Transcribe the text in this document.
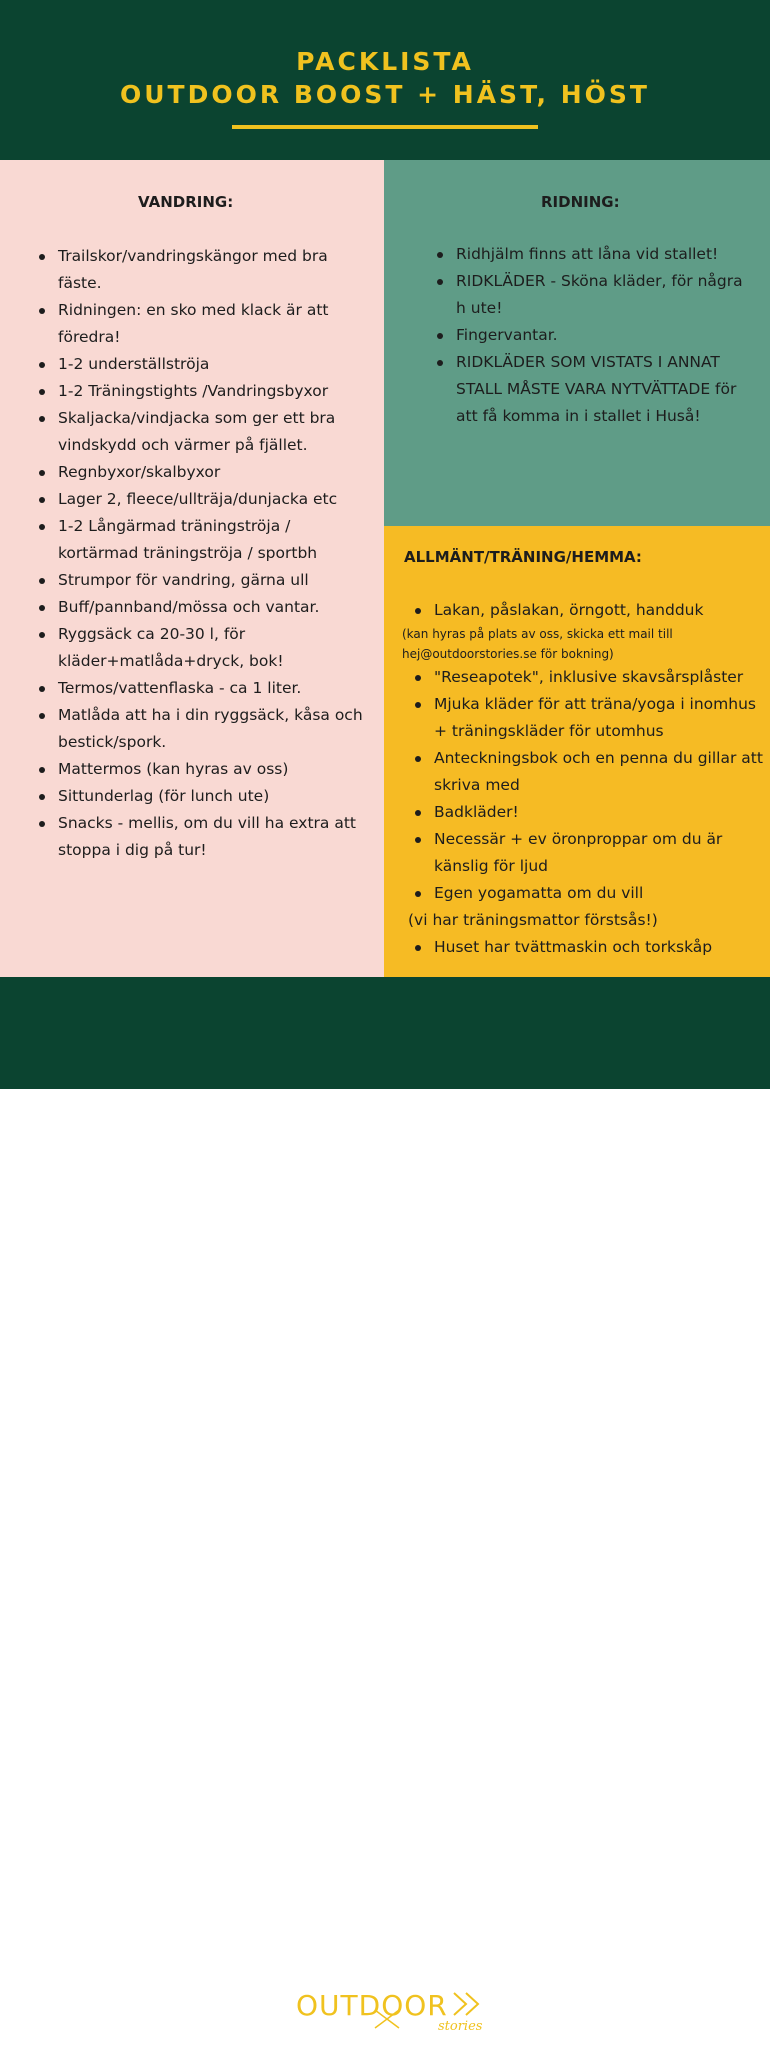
PACKLISTA
OUTDOOR BOOST + HÄST, HÖST
VANDRING:
Trailskor/vandringskängor med bra fäste.
Ridningen: en sko med klack är att föredra!
1-2 underställströja
1-2 Träningstights /Vandringsbyxor
Skaljacka/vindjacka som ger ett bra vindskydd och värmer på fjället.
Regnbyxor/skalbyxor
Lager 2, fleece/ullträja/dunjacka etc
1-2 Långärmad träningströja / kortärmad träningströja / sportbh
Strumpor för vandring, gärna ull
Buff/pannband/mössa och vantar.
Ryggsäck ca 20-30 l, för kläder+matlåda+dryck, bok!
Termos/vattenflaska - ca 1 liter.
Matlåda att ha i din ryggsäck, kåsa och bestick/spork.
Mattermos (kan hyras av oss)
Sittunderlag (för lunch ute)
Snacks - mellis, om du vill ha extra att stoppa i dig på tur!
RIDNING:
Ridhjälm finns att låna vid stallet!
RIDKLÄDER - Sköna kläder, för några h ute!
Fingervantar.
RIDKLÄDER SOM VISTATS I ANNAT STALL MÅSTE VARA NYTVÄTTADE för att få komma in i stallet i Huså!
ALLMÄNT/TRÄNING/HEMMA:
Lakan, påslakan, örngott, handduk
(kan hyras på plats av oss, skicka ett mail till hej@outdoorstories.se för bokning)
"Reseapotek", inklusive skavsårsplåster
Mjuka kläder för att träna/yoga i inomhus + träningskläder för utomhus
Anteckningsbok och en penna du gillar att skriva med
Badkläder!
Necessär + ev öronproppar om du är känslig för ljud
Egen yogamatta om du vill
(vi har träningsmattor förstsås!)
Huset har tvättmaskin och torkskåp
TRÄNINGSRESOR ÅRE.
OUTDOOR
stories
STARTA ÄVENTYRET MED OSS.
